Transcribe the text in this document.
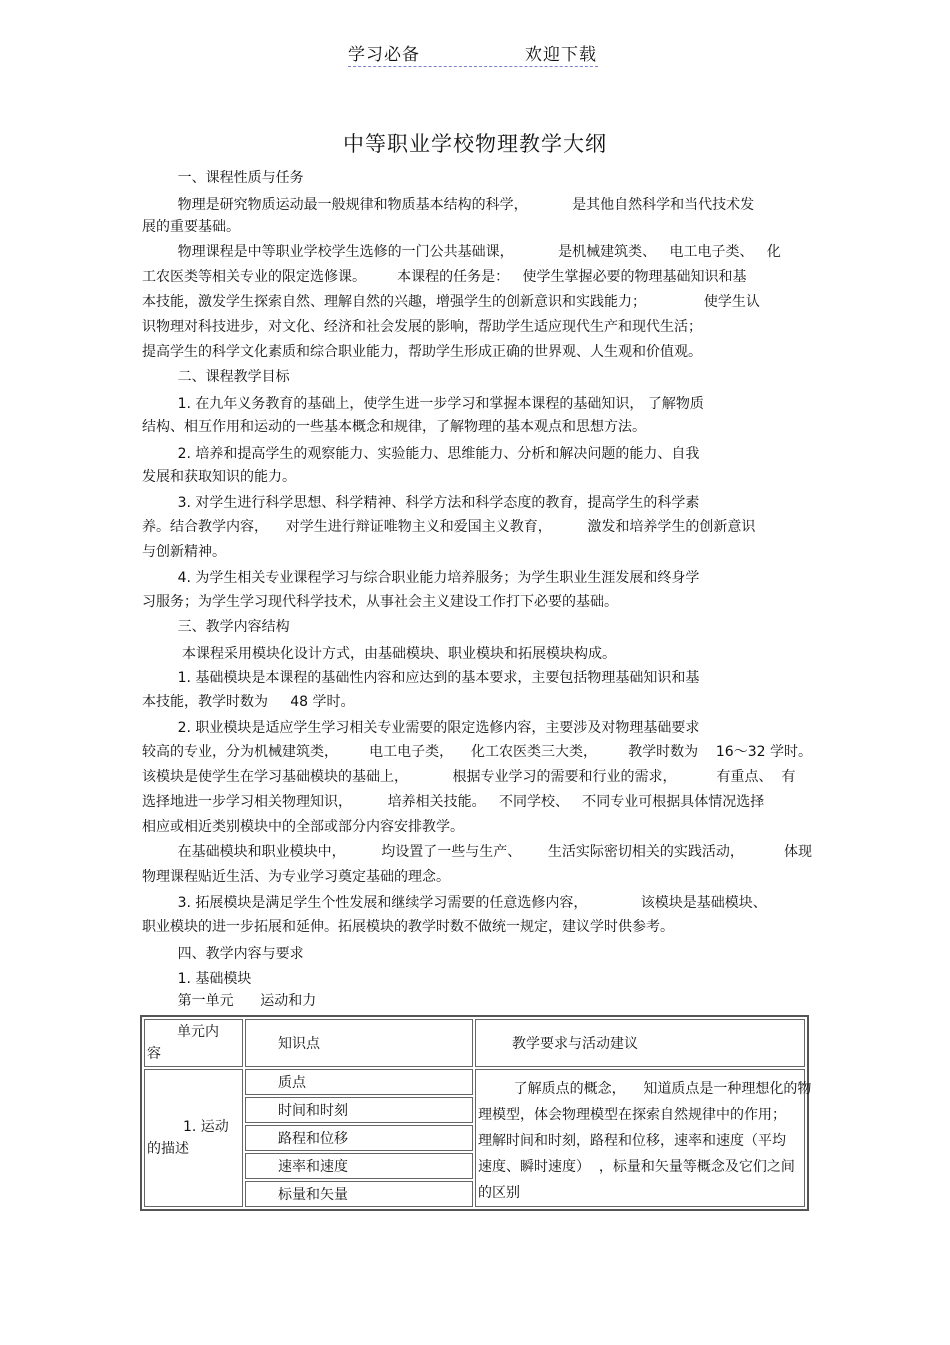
学习必备	欢迎下载
中等职业学校物理教学大纲

一、课程性质与任务

物理是研究物质运动最一般规律和物质基本结构的科学，          是其他自然科学和当代技术发

展的重要基础。

物理课程是中等职业学校学生选修的一门公共基础课，          是机械建筑类、   电工电子类、   化

工农医类等相关专业的限定选修课。       本课程的任务是：   使学生掌握必要的物理基础知识和基

本技能，激发学生探索自然、理解自然的兴趣，增强学生的创新意识和实践能力；             使学生认

识物理对科技进步，对文化、经济和社会发展的影响，帮助学生适应现代生产和现代生活；

提高学生的科学文化素质和综合职业能力，帮助学生形成正确的世界观、人生观和价值观。

二、课程教学目标

1. 在九年义务教育的基础上，使学生进一步学习和掌握本课程的基础知识， 了解物质

结构、相互作用和运动的一些基本概念和规律，了解物理的基本观点和思想方法。

2. 培养和提高学生的观察能力、实验能力、思维能力、分析和解决问题的能力、自我

发展和获取知识的能力。

3. 对学生进行科学思想、科学精神、科学方法和科学态度的教育，提高学生的科学素

养。结合教学内容，    对学生进行辩证唯物主义和爱国主义教育，        激发和培养学生的创新意识

与创新精神。

4. 为学生相关专业课程学习与综合职业能力培养服务；为学生职业生涯发展和终身学

习服务；为学生学习现代科学技术，从事社会主义建设工作打下必要的基础。

三、教学内容结构

本课程采用模块化设计方式，由基础模块、职业模块和拓展模块构成。

1. 基础模块是本课程的基础性内容和应达到的基本要求，主要包括物理基础知识和基

本技能，教学时数为     48 学时。

2. 职业模块是适应学生学习相关专业需要的限定选修内容，主要涉及对物理基础要求

较高的专业，分为机械建筑类，       电工电子类，    化工农医类三大类，       教学时数为    16～32 学时。

该模块是使学生在学习基础模块的基础上，          根据专业学习的需要和行业的需求，         有重点、  有

选择地进一步学习相关物理知识，        培养相关技能。   不同学校、   不同专业可根据具体情况选择

相应或相近类别模块中的全部或部分内容安排教学。

在基础模块和职业模块中，        均设置了一些与生产、      生活实际密切相关的实践活动，         体现

物理课程贴近生活、为专业学习奠定基础的理念。

3. 拓展模块是满足学生个性发展和继续学习需要的任意选修内容，            该模块是基础模块、

职业模块的进一步拓展和延伸。拓展模块的教学时数不做统一规定，建议学时供参考。

四、教学内容与要求

1. 基础模块

第一单元      运动和力

单元内
容	知识点	教学要求与活动建议

1. 运动
的描述	质点	了解质点的概念，    知道质点是一种理想化的物
理模型，体会物理模型在探索自然规律中的作用；
理解时间和时刻，路程和位移，速率和速度（平均
速度、瞬时速度）  ，标量和矢量等概念及它们之间
的区别
	时间和时刻	
	路程和位移	
	速率和速度	
	标量和矢量	
